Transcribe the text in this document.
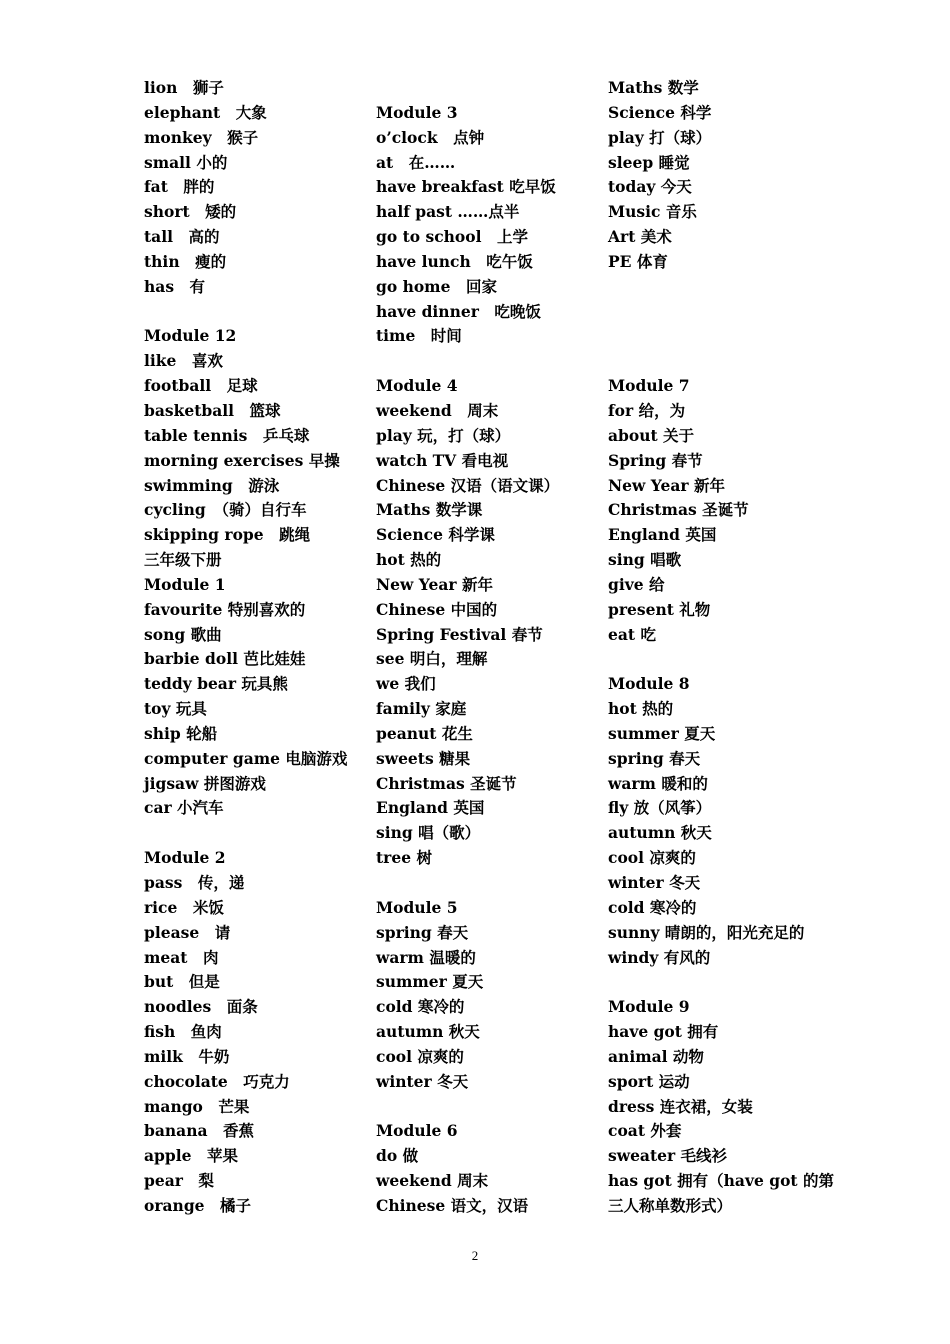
lion　狮子
elephant　大象
monkey　猴子
small 小的
fat　胖的
short　矮的
tall　高的
thin　瘦的
has　有
Module 12
like　喜欢
football　足球
basketball　篮球
table tennis　乒乓球
morning exercises 早操
swimming　游泳
cycling　（骑）自行车
skipping rope　跳绳
三年级下册
Module 1
favourite 特别喜欢的
song 歌曲
barbie doll 芭比娃娃
teddy bear 玩具熊
toy 玩具
ship 轮船
computer game 电脑游戏
jigsaw 拼图游戏
car 小汽车
Module 2
pass　传，递
rice　米饭
please　请
meat　肉
but　但是
noodles　面条
fish　鱼肉
milk　牛奶
chocolate　巧克力
mango　芒果
banana　香蕉
apple　苹果
pear　梨
orange　橘子
Module 3
o’clock　点钟
at　在……
have breakfast 吃早饭
half past ……点半
go to school　上学
have lunch　吃午饭
go home　回家
have dinner　吃晚饭
time　时间
Module 4
weekend　周末
play 玩，打（球）
watch TV 看电视
Chinese 汉语（语文课）
Maths 数学课
Science 科学课
hot 热的
New Year 新年
Chinese 中国的
Spring Festival 春节
see 明白，理解
we 我们
family 家庭
peanut 花生
sweets 糖果
Christmas 圣诞节
England 英国
sing 唱（歌）
tree 树
Module 5
spring 春天
warm 温暖的
summer 夏天
cold 寒冷的
autumn 秋天
cool 凉爽的
winter 冬天
Module 6
do 做
weekend 周末
Chinese 语文，汉语
Maths 数学
Science 科学
play 打（球）
sleep 睡觉
today 今天
Music 音乐
Art 美术
PE 体育
Module 7
for 给，为
about 关于
Spring 春节
New Year 新年
Christmas 圣诞节
England 英国
sing 唱歌
give 给
present 礼物
eat 吃
Module 8
hot 热的
summer 夏天
spring 春天
warm 暖和的
fly 放（风筝）
autumn 秋天
cool 凉爽的
winter 冬天
cold 寒冷的
sunny 晴朗的，阳光充足的
windy 有风的
Module 9
have got 拥有
animal 动物
sport 运动
dress 连衣裙，女装
coat 外套
sweater 毛线衫
has got 拥有（have got 的第
三人称单数形式）
2
